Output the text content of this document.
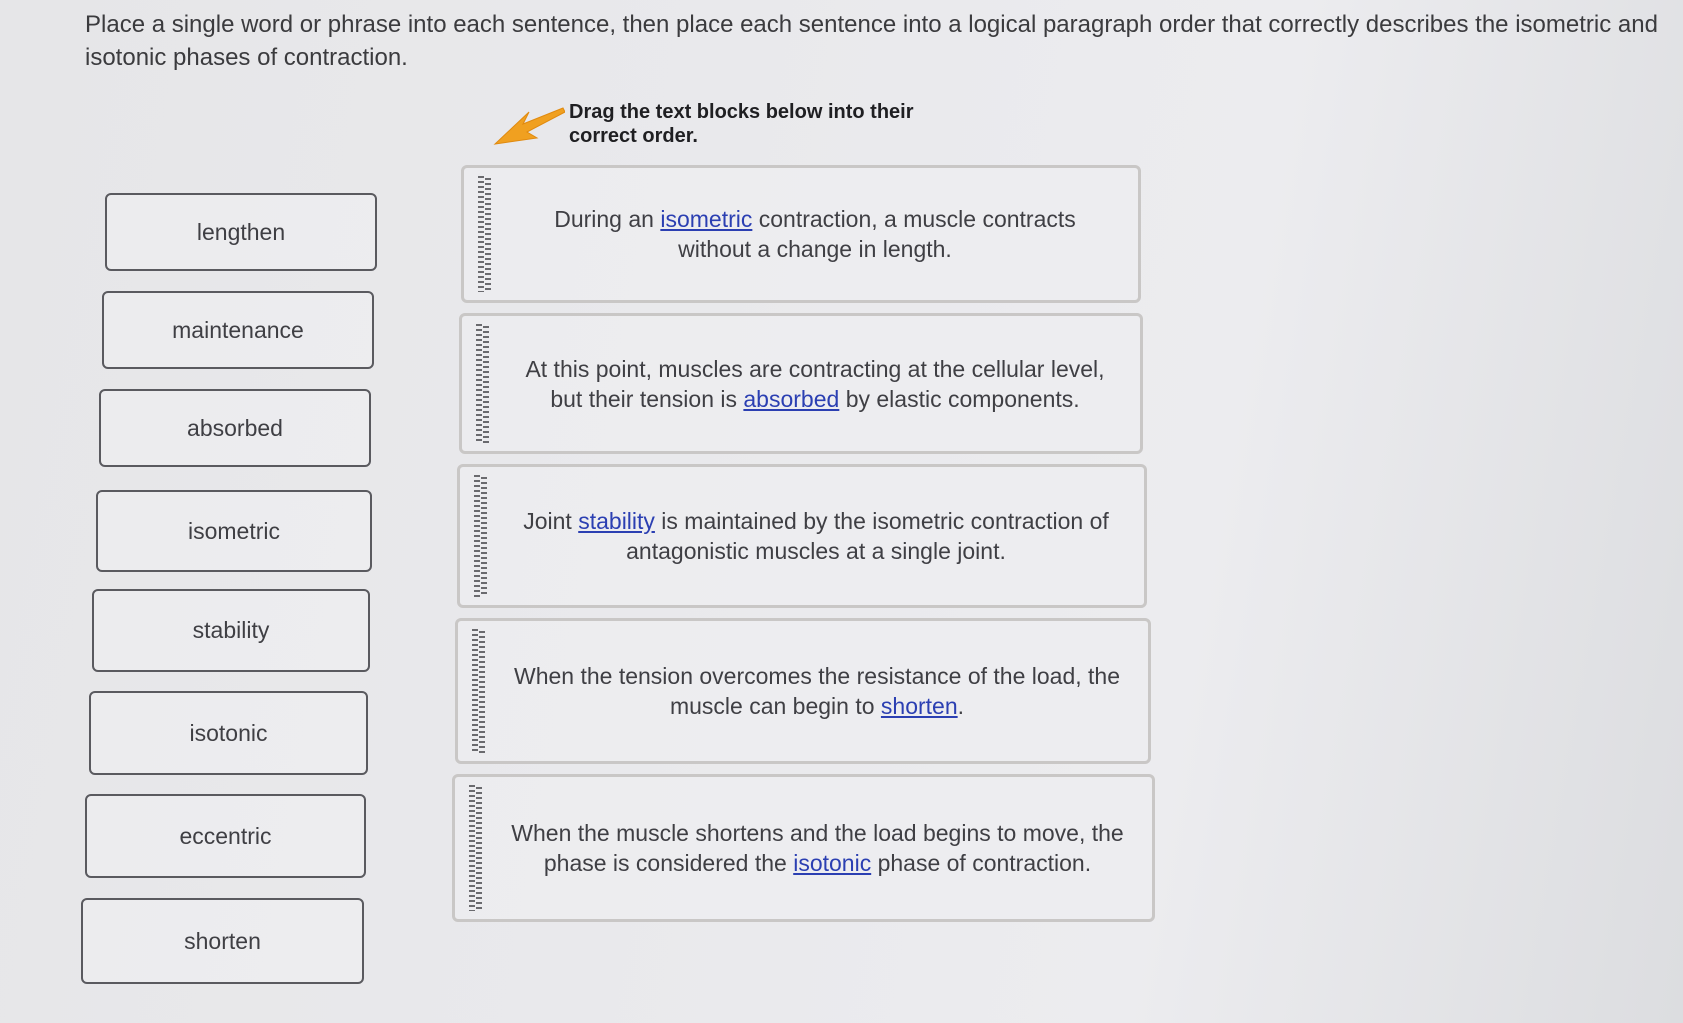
Place a single word or phrase into each sentence, then place each sentence into a logical paragraph order that correctly describes the isometric and isotonic phases of contraction.

Drag the text blocks below into their correct order.
lengthen
maintenance
absorbed
isometric
stability
isotonic
eccentric
shorten
During an isometric contraction, a muscle contracts without a change in length.
At this point, muscles are contracting at the cellular level, but their tension is absorbed by elastic components.
Joint stability is maintained by the isometric contraction of antagonistic muscles at a single joint.
When the tension overcomes the resistance of the load, the muscle can begin to shorten.
When the muscle shortens and the load begins to move, the phase is considered the isotonic phase of contraction.
